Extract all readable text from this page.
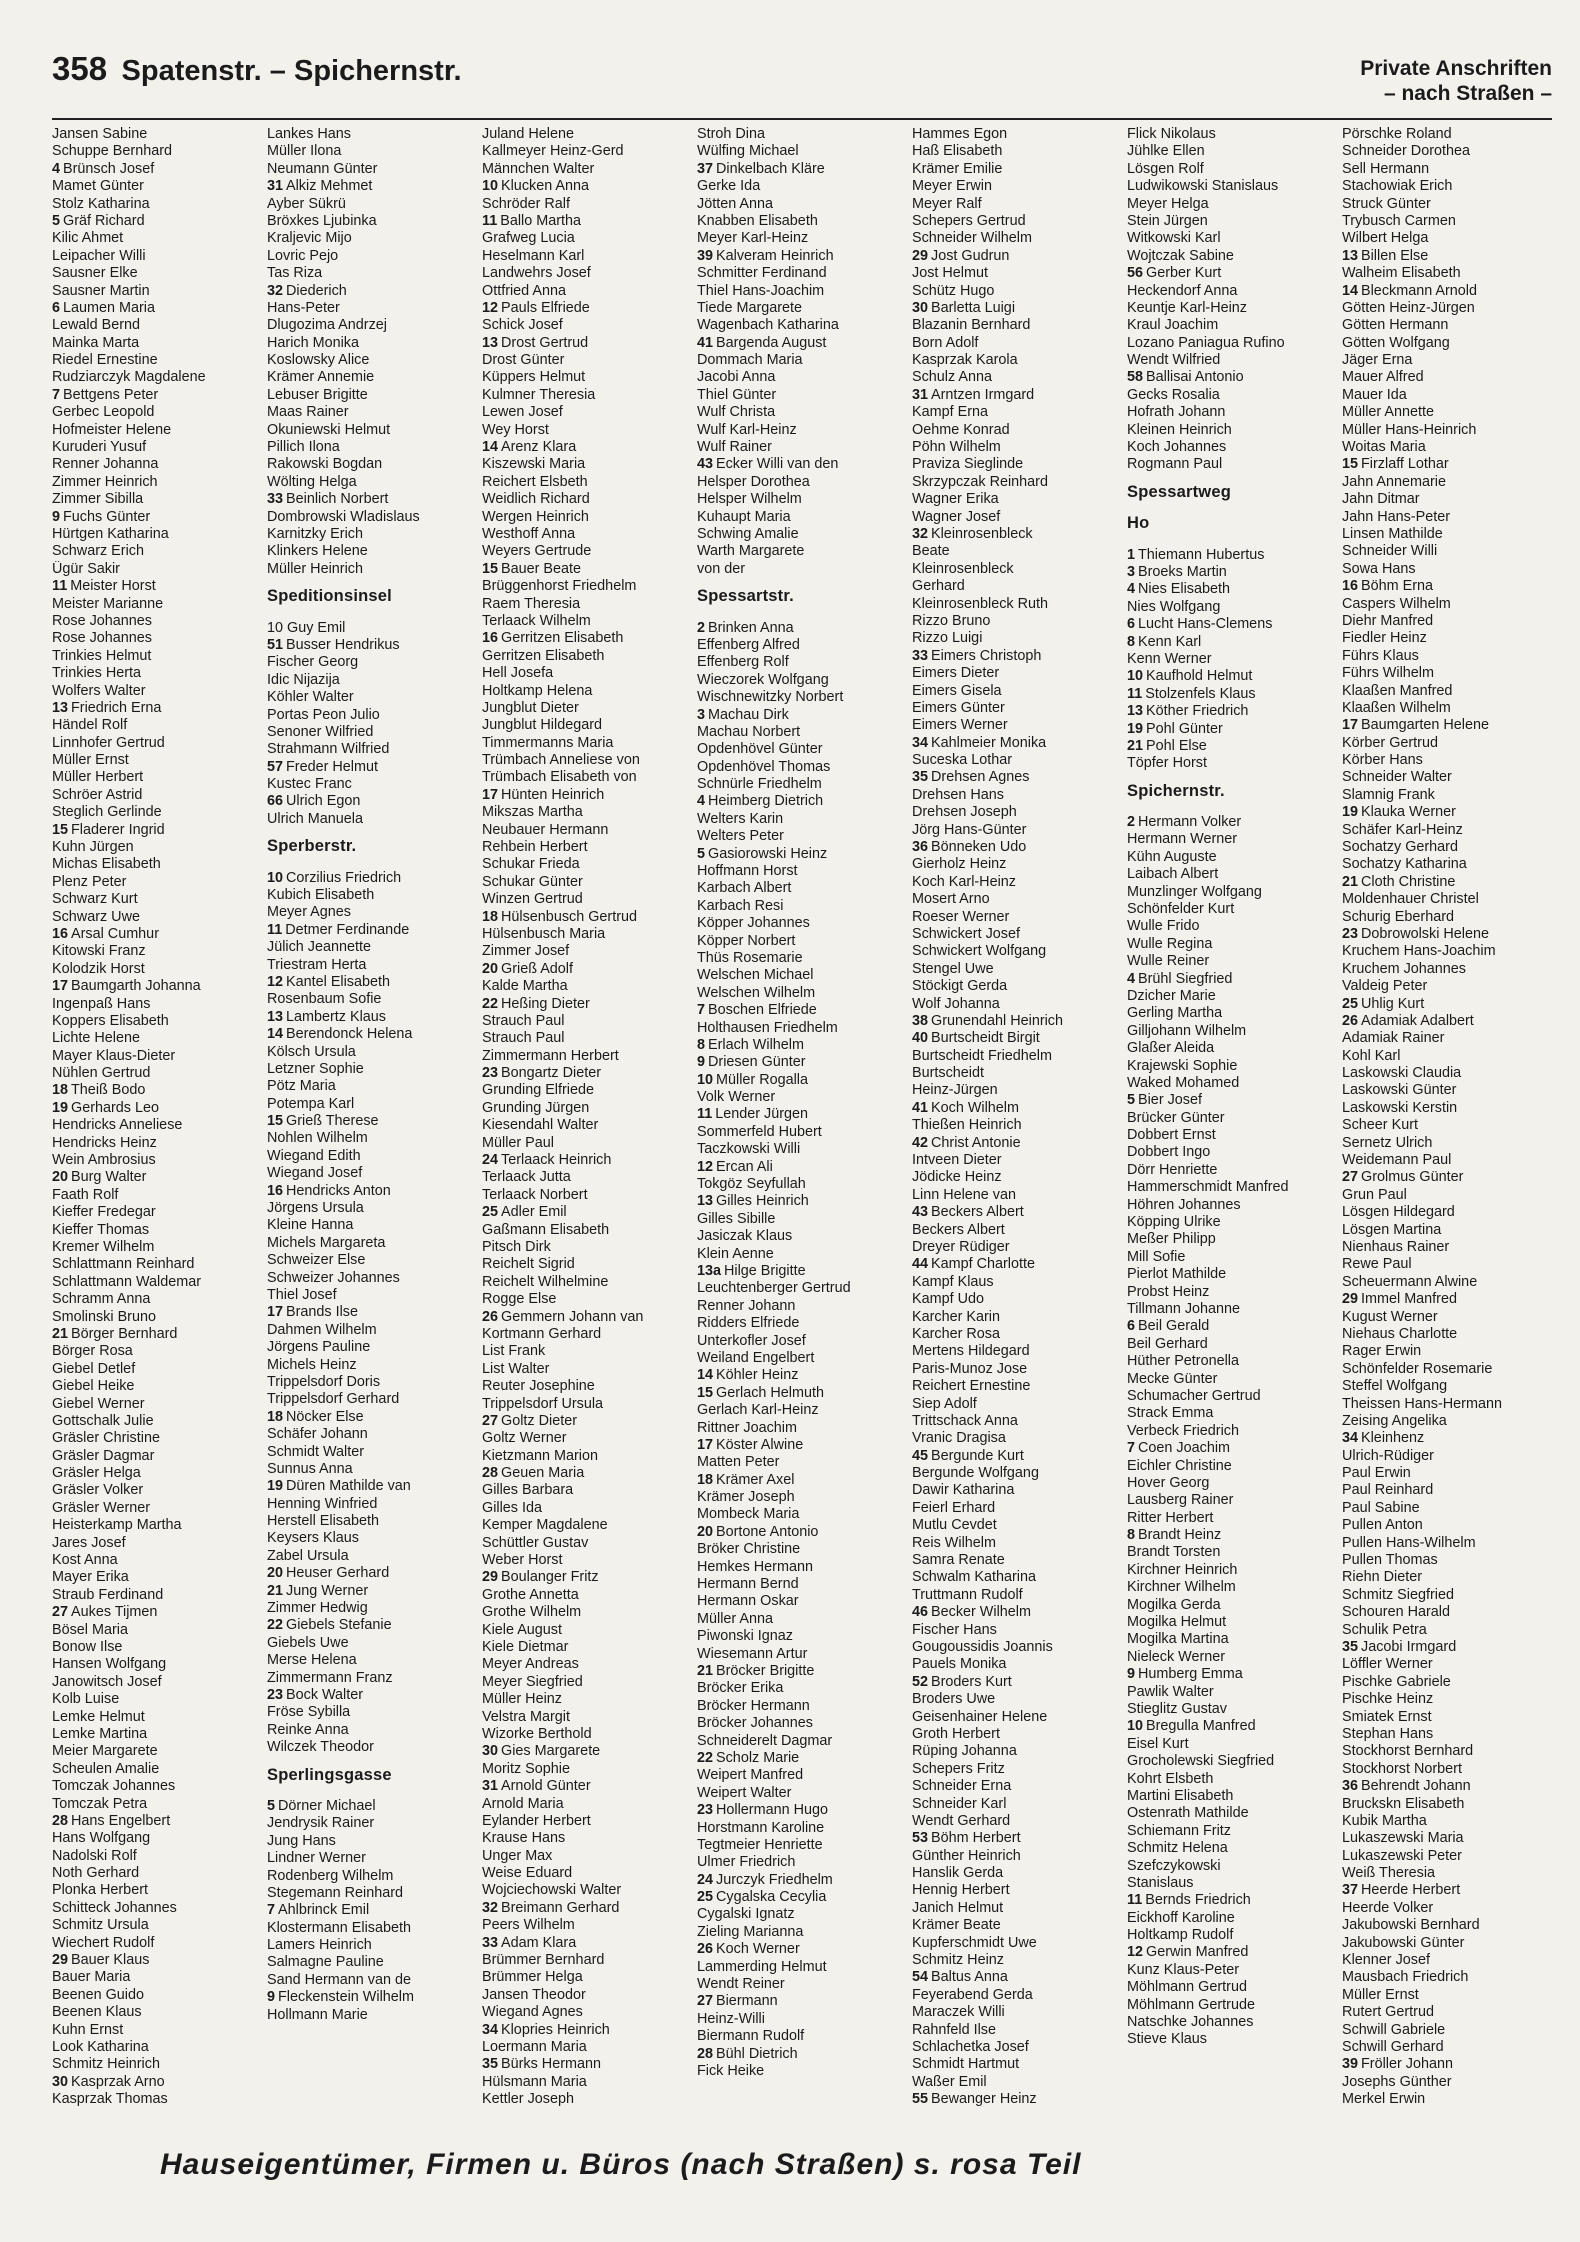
358 Spatenstr. – Spichernstr.	Private Anschriften
– nach Straßen –
Jansen Sabine
Schuppe Bernhard
4 Brünsch Josef
Mamet Günter
Stolz Katharina
5 Gräf Richard
Kilic Ahmet
Leipacher Willi
Sausner Elke
Sausner Martin
6 Laumen Maria
Lewald Bernd
Mainka Marta
Riedel Ernestine
Rudziarczyk Magdalene
7 Bettgens Peter
Gerbec Leopold
Hofmeister Helene
Kuruderi Yusuf
Renner Johanna
Zimmer Heinrich
Zimmer Sibilla
9 Fuchs Günter
Hürtgen Katharina
Schwarz Erich
Ügür Sakir
11 Meister Horst
Meister Marianne
Rose Johannes
Rose Johannes
Trinkies Helmut
Trinkies Herta
Wolfers Walter
13 Friedrich Erna
Händel Rolf
Linnhofer Gertrud
Müller Ernst
Müller Herbert
Schröer Astrid
Steglich Gerlinde
15 Fladerer Ingrid
Kuhn Jürgen
Michas Elisabeth
Plenz Peter
Schwarz Kurt
Schwarz Uwe
16 Arsal Cumhur
Kitowski Franz
Kolodzik Horst
17 Baumgarth Johanna
Ingenpaß Hans
Koppers Elisabeth
Lichte Helene
Mayer Klaus-Dieter
Nühlen Gertrud
18 Theiß Bodo
19 Gerhards Leo
Hendricks Anneliese
Hendricks Heinz
Wein Ambrosius
20 Burg Walter
Faath Rolf
Kieffer Fredegar
Kieffer Thomas
Kremer Wilhelm
Schlattmann Reinhard
Schlattmann Waldemar
Schramm Anna
Smolinski Bruno
21 Börger Bernhard
Börger Rosa
Giebel Detlef
Giebel Heike
Giebel Werner
Gottschalk Julie
Gräsler Christine
Gräsler Dagmar
Gräsler Helga
Gräsler Volker
Gräsler Werner
Heisterkamp Martha
Jares Josef
Kost Anna
Mayer Erika
Straub Ferdinand
27 Aukes Tijmen
Bösel Maria
Bonow Ilse
Hansen Wolfgang
Janowitsch Josef
Kolb Luise
Lemke Helmut
Lemke Martina
Meier Margarete
Scheulen Amalie
Tomczak Johannes
Tomczak Petra
28 Hans Engelbert
Hans Wolfgang
Nadolski Rolf
Noth Gerhard
Plonka Herbert
Schitteck Johannes
Schmitz Ursula
Wiechert Rudolf
29 Bauer Klaus
Bauer Maria
Beenen Guido
Beenen Klaus
Kuhn Ernst
Look Katharina
Schmitz Heinrich
30 Kasprzak Arno
Kasprzak Thomas
Lankes Hans
Müller Ilona
Neumann Günter
31 Alkiz Mehmet
Ayber Sükrü
Bröxkes Ljubinka
Kraljevic Mijo
Lovric Pejo
Tas Riza
32 Diederich
Hans-Peter
Dlugozima Andrzej
Harich Monika
Koslowsky Alice
Krämer Annemie
Lebuser Brigitte
Maas Rainer
Okuniewski Helmut
Pillich Ilona
Rakowski Bogdan
Wölting Helga
33 Beinlich Norbert
Dombrowski Wladislaus
Karnitzky Erich
Klinkers Helene
Müller Heinrich
Speditionsinsel
10 Guy Emil
51 Busser Hendrikus
Fischer Georg
Idic Nijazija
Köhler Walter
Portas Peon Julio
Senoner Wilfried
Strahmann Wilfried
57 Freder Helmut
Kustec Franc
66 Ulrich Egon
Ulrich Manuela
Sperberstr.
10 Corzilius Friedrich
Kubich Elisabeth
Meyer Agnes
11 Detmer Ferdinande
Jülich Jeannette
Triestram Herta
12 Kantel Elisabeth
Rosenbaum Sofie
13 Lambertz Klaus
14 Berendonck Helena
Kölsch Ursula
Letzner Sophie
Pötz Maria
Potempa Karl
15 Grieß Therese
Nohlen Wilhelm
Wiegand Edith
Wiegand Josef
16 Hendricks Anton
Jörgens Ursula
Kleine Hanna
Michels Margareta
Schweizer Else
Schweizer Johannes
Thiel Josef
17 Brands Ilse
Dahmen Wilhelm
Jörgens Pauline
Michels Heinz
Trippelsdorf Doris
Trippelsdorf Gerhard
18 Nöcker Else
Schäfer Johann
Schmidt Walter
Sunnus Anna
19 Düren Mathilde van
Henning Winfried
Herstell Elisabeth
Keysers Klaus
Zabel Ursula
20 Heuser Gerhard
21 Jung Werner
Zimmer Hedwig
22 Giebels Stefanie
Giebels Uwe
Merse Helena
Zimmermann Franz
23 Bock Walter
Fröse Sybilla
Reinke Anna
Wilczek Theodor
Sperlingsgasse
5 Dörner Michael
Jendrysik Rainer
Jung Hans
Lindner Werner
Rodenberg Wilhelm
Stegemann Reinhard
7 Ahlbrinck Emil
Klostermann Elisabeth
Lamers Heinrich
Salmagne Pauline
Sand Hermann van de
9 Fleckenstein Wilhelm
Hollmann Marie
Juland Helene
Kallmeyer Heinz-Gerd
Männchen Walter
10 Klucken Anna
Schröder Ralf
11 Ballo Martha
Grafweg Lucia
Heselmann Karl
Landwehrs Josef
Ottfried Anna
12 Pauls Elfriede
Schick Josef
13 Drost Gertrud
Drost Günter
Küppers Helmut
Kulmner Theresia
Lewen Josef
Wey Horst
14 Arenz Klara
Kiszewski Maria
Reichert Elsbeth
Weidlich Richard
Wergen Heinrich
Westhoff Anna
Weyers Gertrude
15 Bauer Beate
Brüggenhorst Friedhelm
Raem Theresia
Terlaack Wilhelm
16 Gerritzen Elisabeth
Gerritzen Elisabeth
Hell Josefa
Holtkamp Helena
Jungblut Dieter
Jungblut Hildegard
Timmermanns Maria
Trümbach Anneliese von
Trümbach Elisabeth von
17 Hünten Heinrich
Mikszas Martha
Neubauer Hermann
Rehbein Herbert
Schukar Frieda
Schukar Günter
Winzen Gertrud
18 Hülsenbusch Gertrud
Hülsenbusch Maria
Zimmer Josef
20 Grieß Adolf
Kalde Martha
22 Heßing Dieter
Strauch Paul
Strauch Paul
Zimmermann Herbert
23 Bongartz Dieter
Grunding Elfriede
Grunding Jürgen
Kiesendahl Walter
Müller Paul
24 Terlaack Heinrich
Terlaack Jutta
Terlaack Norbert
25 Adler Emil
Gaßmann Elisabeth
Pitsch Dirk
Reichelt Sigrid
Reichelt Wilhelmine
Rogge Else
26 Gemmern Johann van
Kortmann Gerhard
List Frank
List Walter
Reuter Josephine
Trippelsdorf Ursula
27 Goltz Dieter
Goltz Werner
Kietzmann Marion
28 Geuen Maria
Gilles Barbara
Gilles Ida
Kemper Magdalene
Schüttler Gustav
Weber Horst
29 Boulanger Fritz
Grothe Annetta
Grothe Wilhelm
Kiele August
Kiele Dietmar
Meyer Andreas
Meyer Siegfried
Müller Heinz
Velstra Margit
Wizorke Berthold
30 Gies Margarete
Moritz Sophie
31 Arnold Günter
Arnold Maria
Eylander Herbert
Krause Hans
Unger Max
Weise Eduard
Wojciechowski Walter
32 Breimann Gerhard
Peers Wilhelm
33 Adam Klara
Brümmer Bernhard
Brümmer Helga
Jansen Theodor
Wiegand Agnes
34 Klopries Heinrich
Loermann Maria
35 Bürks Hermann
Hülsmann Maria
Kettler Joseph
Stroh Dina
Wülfing Michael
37 Dinkelbach Kläre
Gerke Ida
Jötten Anna
Knabben Elisabeth
Meyer Karl-Heinz
39 Kalveram Heinrich
Schmitter Ferdinand
Thiel Hans-Joachim
Tiede Margarete
Wagenbach Katharina
41 Bargenda August
Dommach Maria
Jacobi Anna
Thiel Günter
Wulf Christa
Wulf Karl-Heinz
Wulf Rainer
43 Ecker Willi van den
Helsper Dorothea
Helsper Wilhelm
Kuhaupt Maria
Schwing Amalie
Warth Margarete
von der
Spessartstr.
2 Brinken Anna
Effenberg Alfred
Effenberg Rolf
Wieczorek Wolfgang
Wischnewitzky Norbert
3 Machau Dirk
Machau Norbert
Opdenhövel Günter
Opdenhövel Thomas
Schnürle Friedhelm
4 Heimberg Dietrich
Welters Karin
Welters Peter
5 Gasiorowski Heinz
Hoffmann Horst
Karbach Albert
Karbach Resi
Köpper Johannes
Köpper Norbert
Thüs Rosemarie
Welschen Michael
Welschen Wilhelm
7 Boschen Elfriede
Holthausen Friedhelm
8 Erlach Wilhelm
9 Driesen Günter
10 Müller Rogalla
Volk Werner
11 Lender Jürgen
Sommerfeld Hubert
Taczkowski Willi
12 Ercan Ali
Tokgöz Seyfullah
13 Gilles Heinrich
Gilles Sibille
Jasiczak Klaus
Klein Aenne
13a Hilge Brigitte
Leuchtenberger Gertrud
Renner Johann
Ridders Elfriede
Unterkofler Josef
Weiland Engelbert
14 Köhler Heinz
15 Gerlach Helmuth
Gerlach Karl-Heinz
Rittner Joachim
17 Köster Alwine
Matten Peter
18 Krämer Axel
Krämer Joseph
Mombeck Maria
20 Bortone Antonio
Bröker Christine
Hemkes Hermann
Hermann Bernd
Hermann Oskar
Müller Anna
Piwonski Ignaz
Wiesemann Artur
21 Bröcker Brigitte
Bröcker Erika
Bröcker Hermann
Bröcker Johannes
Schneiderelt Dagmar
22 Scholz Marie
Weipert Manfred
Weipert Walter
23 Hollermann Hugo
Horstmann Karoline
Tegtmeier Henriette
Ulmer Friedrich
24 Jurczyk Friedhelm
25 Cygalska Cecylia
Cygalski Ignatz
Zieling Marianna
26 Koch Werner
Lammerding Helmut
Wendt Reiner
27 Biermann
Heinz-Willi
Biermann Rudolf
28 Bühl Dietrich
Fick Heike
Hammes Egon
Haß Elisabeth
Krämer Emilie
Meyer Erwin
Meyer Ralf
Schepers Gertrud
Schneider Wilhelm
29 Jost Gudrun
Jost Helmut
Schütz Hugo
30 Barletta Luigi
Blazanin Bernhard
Born Adolf
Kasprzak Karola
Schulz Anna
31 Arntzen Irmgard
Kampf Erna
Oehme Konrad
Pöhn Wilhelm
Praviza Sieglinde
Skrzypczak Reinhard
Wagner Erika
Wagner Josef
32 Kleinrosenbleck
Beate
Kleinrosenbleck
Gerhard
Kleinrosenbleck Ruth
Rizzo Bruno
Rizzo Luigi
33 Eimers Christoph
Eimers Dieter
Eimers Gisela
Eimers Günter
Eimers Werner
34 Kahlmeier Monika
Suceska Lothar
35 Drehsen Agnes
Drehsen Hans
Drehsen Joseph
Jörg Hans-Günter
36 Bönneken Udo
Gierholz Heinz
Koch Karl-Heinz
Mosert Arno
Roeser Werner
Schwickert Josef
Schwickert Wolfgang
Stengel Uwe
Stöckigt Gerda
Wolf Johanna
38 Grunendahl Heinrich
40 Burtscheidt Birgit
Burtscheidt Friedhelm
Burtscheidt
Heinz-Jürgen
41 Koch Wilhelm
Thießen Heinrich
42 Christ Antonie
Intveen Dieter
Jödicke Heinz
Linn Helene van
43 Beckers Albert
Beckers Albert
Dreyer Rüdiger
44 Kampf Charlotte
Kampf Klaus
Kampf Udo
Karcher Karin
Karcher Rosa
Mertens Hildegard
Paris-Munoz Jose
Reichert Ernestine
Siep Adolf
Trittschack Anna
Vranic Dragisa
45 Bergunde Kurt
Bergunde Wolfgang
Dawir Katharina
Feierl Erhard
Mutlu Cevdet
Reis Wilhelm
Samra Renate
Schwalm Katharina
Truttmann Rudolf
46 Becker Wilhelm
Fischer Hans
Gougoussidis Joannis
Pauels Monika
52 Broders Kurt
Broders Uwe
Geisenhainer Helene
Groth Herbert
Rüping Johanna
Schepers Fritz
Schneider Erna
Schneider Karl
Wendt Gerhard
53 Böhm Herbert
Günther Heinrich
Hanslik Gerda
Hennig Herbert
Janich Helmut
Krämer Beate
Kupferschmidt Uwe
Schmitz Heinz
54 Baltus Anna
Feyerabend Gerda
Maraczek Willi
Rahnfeld Ilse
Schlachetka Josef
Schmidt Hartmut
Waßer Emil
55 Bewanger Heinz
Flick Nikolaus
Jühlke Ellen
Lösgen Rolf
Ludwikowski Stanislaus
Meyer Helga
Stein Jürgen
Witkowski Karl
Wojtczak Sabine
56 Gerber Kurt
Heckendorf Anna
Keuntje Karl-Heinz
Kraul Joachim
Lozano Paniagua Rufino
Wendt Wilfried
58 Ballisai Antonio
Gecks Rosalia
Hofrath Johann
Kleinen Heinrich
Koch Johannes
Rogmann Paul
Spessartweg
Ho
1 Thiemann Hubertus
3 Broeks Martin
4 Nies Elisabeth
Nies Wolfgang
6 Lucht Hans-Clemens
8 Kenn Karl
Kenn Werner
10 Kaufhold Helmut
11 Stolzenfels Klaus
13 Köther Friedrich
19 Pohl Günter
21 Pohl Else
Töpfer Horst
Spichernstr.
2 Hermann Volker
Hermann Werner
Kühn Auguste
Laibach Albert
Munzlinger Wolfgang
Schönfelder Kurt
Wulle Frido
Wulle Regina
Wulle Reiner
4 Brühl Siegfried
Dzicher Marie
Gerling Martha
Gilljohann Wilhelm
Glaßer Aleida
Krajewski Sophie
Waked Mohamed
5 Bier Josef
Brücker Günter
Dobbert Ernst
Dobbert Ingo
Dörr Henriette
Hammerschmidt Manfred
Höhren Johannes
Köpping Ulrike
Meßer Philipp
Mill Sofie
Pierlot Mathilde
Probst Heinz
Tillmann Johanne
6 Beil Gerald
Beil Gerhard
Hüther Petronella
Mecke Günter
Schumacher Gertrud
Strack Emma
Verbeck Friedrich
7 Coen Joachim
Eichler Christine
Hover Georg
Lausberg Rainer
Ritter Herbert
8 Brandt Heinz
Brandt Torsten
Kirchner Heinrich
Kirchner Wilhelm
Mogilka Gerda
Mogilka Helmut
Mogilka Martina
Nieleck Werner
9 Humberg Emma
Pawlik Walter
Stieglitz Gustav
10 Bregulla Manfred
Eisel Kurt
Grocholewski Siegfried
Kohrt Elsbeth
Martini Elisabeth
Ostenrath Mathilde
Schiemann Fritz
Schmitz Helena
Szefczykowski
Stanislaus
11 Bernds Friedrich
Eickhoff Karoline
Holtkamp Rudolf
12 Gerwin Manfred
Kunz Klaus-Peter
Möhlmann Gertrud
Möhlmann Gertrude
Natschke Johannes
Stieve Klaus
Pörschke Roland
Schneider Dorothea
Sell Hermann
Stachowiak Erich
Struck Günter
Trybusch Carmen
Wilbert Helga
13 Billen Else
Walheim Elisabeth
14 Bleckmann Arnold
Götten Heinz-Jürgen
Götten Hermann
Götten Wolfgang
Jäger Erna
Mauer Alfred
Mauer Ida
Müller Annette
Müller Hans-Heinrich
Woitas Maria
15 Firzlaff Lothar
Jahn Annemarie
Jahn Ditmar
Jahn Hans-Peter
Linsen Mathilde
Schneider Willi
Sowa Hans
16 Böhm Erna
Caspers Wilhelm
Diehr Manfred
Fiedler Heinz
Führs Klaus
Führs Wilhelm
Klaaßen Manfred
Klaaßen Wilhelm
17 Baumgarten Helene
Körber Gertrud
Körber Hans
Schneider Walter
Slamnig Frank
19 Klauka Werner
Schäfer Karl-Heinz
Sochatzy Gerhard
Sochatzy Katharina
21 Cloth Christine
Moldenhauer Christel
Schurig Eberhard
23 Dobrowolski Helene
Kruchem Hans-Joachim
Kruchem Johannes
Valdeig Peter
25 Uhlig Kurt
26 Adamiak Adalbert
Adamiak Rainer
Kohl Karl
Laskowski Claudia
Laskowski Günter
Laskowski Kerstin
Scheer Kurt
Sernetz Ulrich
Weidemann Paul
27 Grolmus Günter
Grun Paul
Lösgen Hildegard
Lösgen Martina
Nienhaus Rainer
Rewe Paul
Scheuermann Alwine
29 Immel Manfred
Kugust Werner
Niehaus Charlotte
Rager Erwin
Schönfelder Rosemarie
Steffel Wolfgang
Theissen Hans-Hermann
Zeising Angelika
34 Kleinhenz
Ulrich-Rüdiger
Paul Erwin
Paul Reinhard
Paul Sabine
Pullen Anton
Pullen Hans-Wilhelm
Pullen Thomas
Riehn Dieter
Schmitz Siegfried
Schouren Harald
Schulik Petra
35 Jacobi Irmgard
Löffler Werner
Pischke Gabriele
Pischke Heinz
Smiatek Ernst
Stephan Hans
Stockhorst Bernhard
Stockhorst Norbert
36 Behrendt Johann
Bruckskn Elisabeth
Kubik Martha
Lukaszewski Maria
Lukaszewski Peter
Weiß Theresia
37 Heerde Herbert
Heerde Volker
Jakubowski Bernhard
Jakubowski Günter
Klenner Josef
Mausbach Friedrich
Müller Ernst
Rutert Gertrud
Schwill Gabriele
Schwill Gerhard
39 Fröller Johann
Josephs Günther
Merkel Erwin
Hauseigentümer, Firmen u. Büros (nach Straßen) s. rosa Teil
